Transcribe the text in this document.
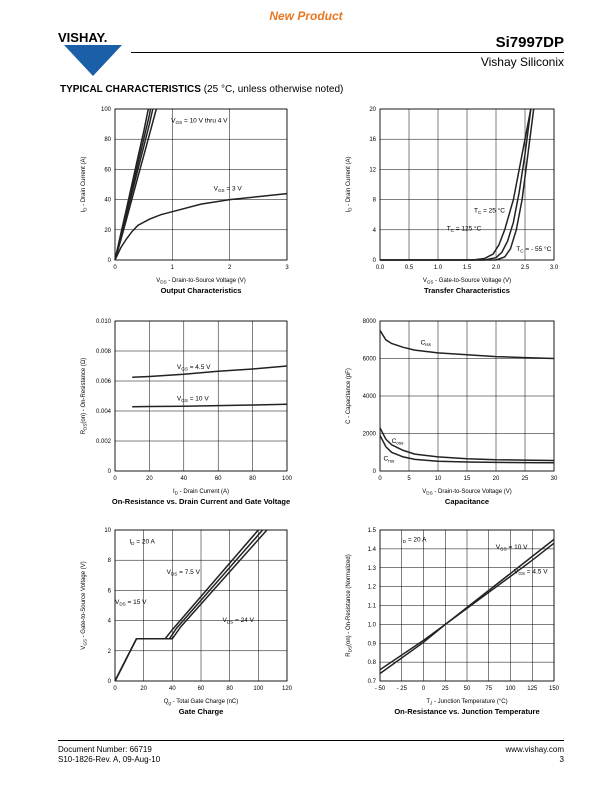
New Product
VISHAY.	Si7997DP
Vishay Siliconix
TYPICAL CHARACTERISTICS (25 °C, unless otherwise noted)
0	1	2	3
0
20
40
60
80
100
$V_{GS} = 10$ V thru 4 V
$V_{GS} = 3$ V
$V_{DS}$ - Drain-to-Source Voltage (V)
$I_D$ - Drain Current (A)
Output Characteristics
0.0	0.5	1.0	1.5	2.0	2.5	3.0
0
4
8
12
16
20
$T_C = 25$ °C
$T_C = 125$ °C
$T_C$ = - 55 °C
$V_{GS}$ - Gate-to-Source Voltage (V)
$I_D$ - Drain Current (A)
Transfer Characteristics
0	20	40	60	80	100
0
0.002
0.004
0.006
0.008
0.010
$V_{GS} = 4.5$ V
$V_{GS} = 10$ V
$I_D$ - Drain Current (A)
$R_{DS}(on)$ - On-Resistance (Ω)
On-Resistance vs. Drain Current and Gate Voltage
0	5	10	15	20	25	30
0
2000
4000
6000
8000
$C_{iss}$
$C_{oss}$
$C_{rss}$
$V_{DS}$ - Drain-to-Source Voltage (V)
C - Capacitance (pF)
Capacitance
0	20	40	60	80	100	120
0
2
4
6
8
10
$I_D = 20$ A
$V_{DS} = 7.5$ V
$V_{DS} = 15$ V
$V_{DS} = 24$ V
$Q_g$ - Total Gate Charge (nC)
$V_{GS}$ - Gate-to-Source Voltage (V)
Gate Charge
- 50 - 25 0	25	50	75 100 125 150
0.7
0.8
0.9
1.0
1.1
1.2
1.3
1.4
1.5
$I_D = 20$ A
$V_{GS} = 10$ V
$V_{GS} = 4.5$ V
$T_J$ - Junction Temperature (°C)
$R_{DS}(on)$ - On-Resistance (Normalized)
On-Resistance vs. Junction Temperature
Document Number: 66719
S10-1826-Rev. A, 09-Aug-10
www.vishay.com
3
